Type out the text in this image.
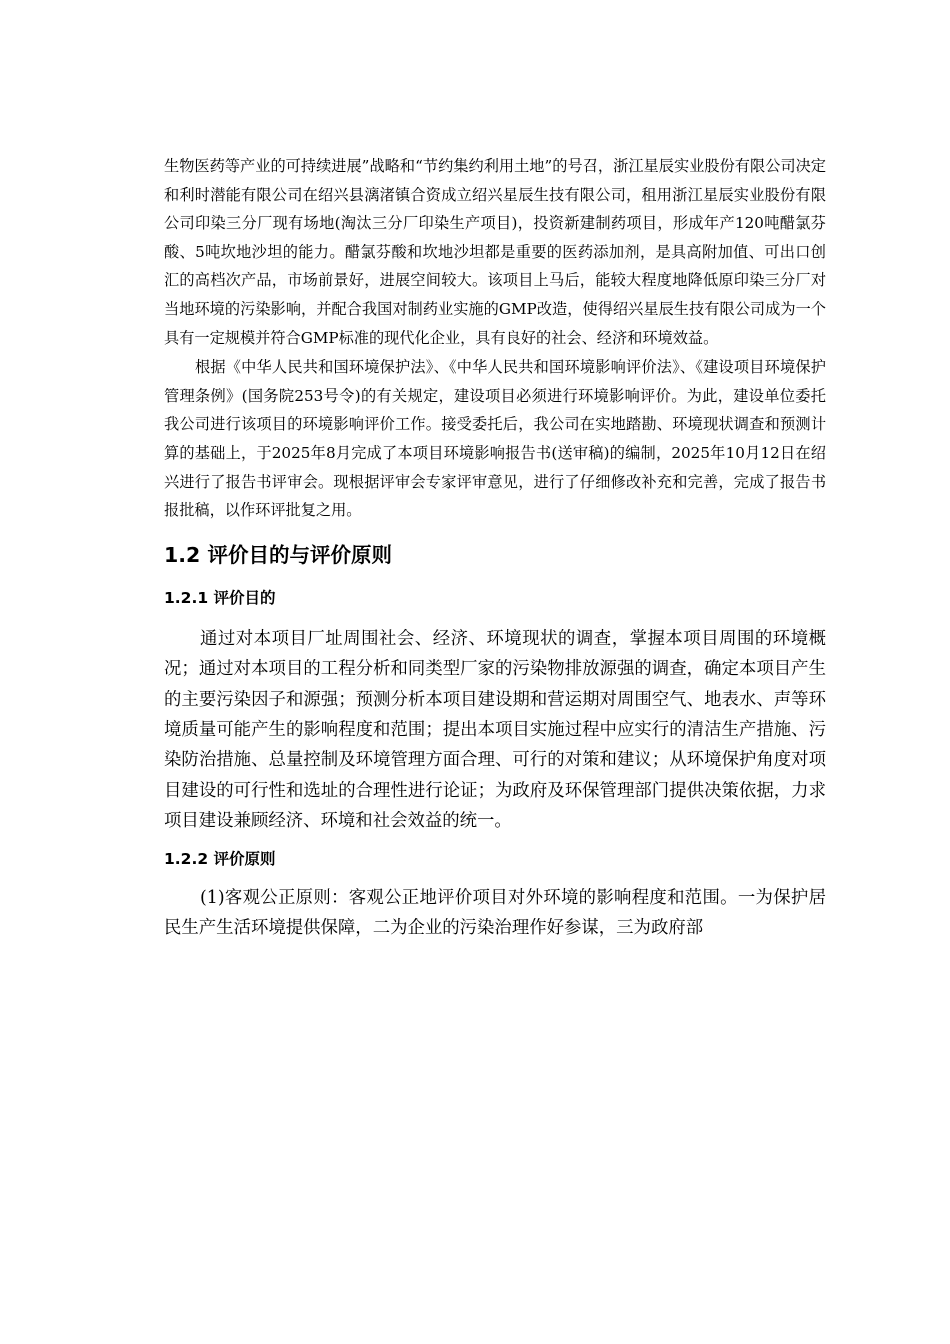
生物医药等产业的可持续进展”战略和“节约集约利用土地”的号召，浙江星辰实业股份有限公司决定和利时潜能有限公司在绍兴县漓渚镇合资成立绍兴星辰生技有限公司，租用浙江星辰实业股份有限公司印染三分厂现有场地(淘汰三分厂印染生产项目)，投资新建制药项目，形成年产120吨醋氯芬酸、5吨坎地沙坦的能力。醋氯芬酸和坎地沙坦都是重要的医药添加剂，是具高附加值、可出口创汇的高档次产品，市场前景好，进展空间较大。该项目上马后，能较大程度地降低原印染三分厂对当地环境的污染影响，并配合我国对制药业实施的GMP改造，使得绍兴星辰生技有限公司成为一个具有一定规模并符合GMP标准的现代化企业，具有良好的社会、经济和环境效益。

根据《中华人民共和国环境保护法》、《中华人民共和国环境影响评价法》、《建设项目环境保护管理条例》(国务院253号令)的有关规定，建设项目必须进行环境影响评价。为此，建设单位委托我公司进行该项目的环境影响评价工作。接受委托后，我公司在实地踏勘、环境现状调查和预测计算的基础上，于2025年8月完成了本项目环境影响报告书(送审稿)的编制，2025年10月12日在绍兴进行了报告书评审会。现根据评审会专家评审意见，进行了仔细修改补充和完善，完成了报告书报批稿，以作环评批复之用。

1.2 评价目的与评价原则
1.2.1 评价目的

通过对本项目厂址周围社会、经济、环境现状的调查，掌握本项目周围的环境概况；通过对本项目的工程分析和同类型厂家的污染物排放源强的调查，确定本项目产生的主要污染因子和源强；预测分析本项目建设期和营运期对周围空气、地表水、声等环境质量可能产生的影响程度和范围；提出本项目实施过程中应实行的清洁生产措施、污染防治措施、总量控制及环境管理方面合理、可行的对策和建议；从环境保护角度对项目建设的可行性和选址的合理性进行论证；为政府及环保管理部门提供决策依据，力求项目建设兼顾经济、环境和社会效益的统一。

1.2.2 评价原则

(1)客观公正原则：客观公正地评价项目对外环境的影响程度和范围。一为保护居民生产生活环境提供保障，二为企业的污染治理作好参谋，三为政府部
